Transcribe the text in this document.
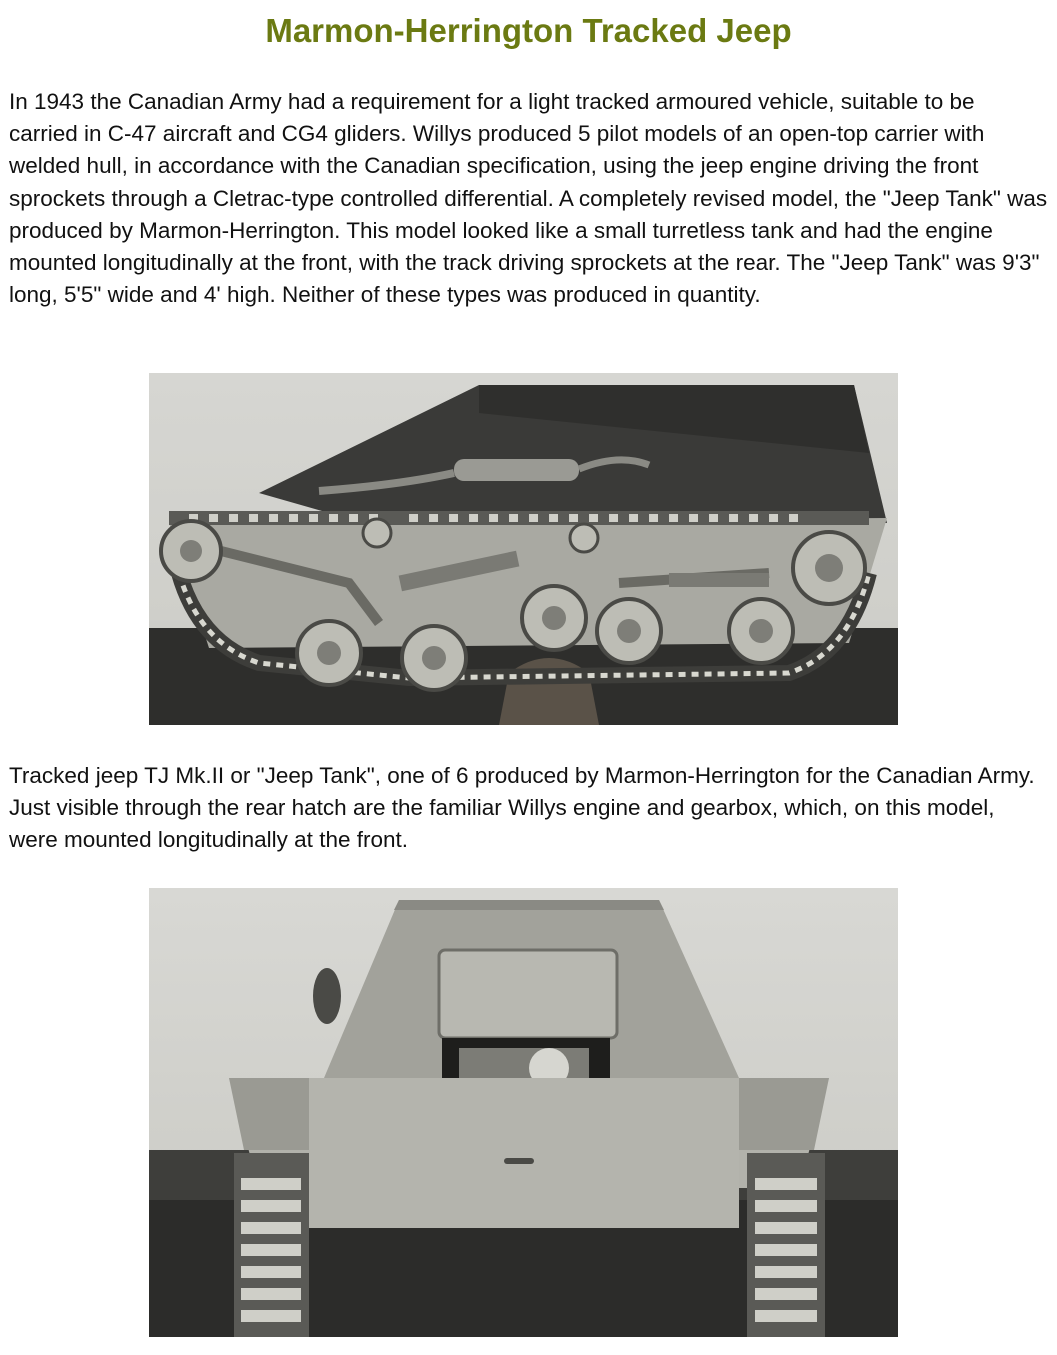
Marmon-Herrington Tracked Jeep

In 1943 the Canadian Army had a requirement for a light tracked armoured vehicle, suitable to be carried in C-47 aircraft and CG4 gliders. Willys produced 5 pilot models of an open-top carrier with welded hull, in accordance with the Canadian specification, using the jeep engine driving the front sprockets through a Cletrac-type controlled differential. A completely revised model, the "Jeep Tank" was produced by Marmon-Herrington. This model looked like a small turretless tank and had the engine mounted longitudinally at the front, with the track driving sprockets at the rear. The "Jeep Tank" was 9'3" long, 5'5" wide and 4' high. Neither of these types was produced in quantity.

Tracked jeep TJ Mk.II or "Jeep Tank", one of 6 produced by Marmon-Herrington for the Canadian Army. Just visible through the rear hatch are the familiar Willys engine and gearbox, which, on this model, were mounted longitudinally at the front.
